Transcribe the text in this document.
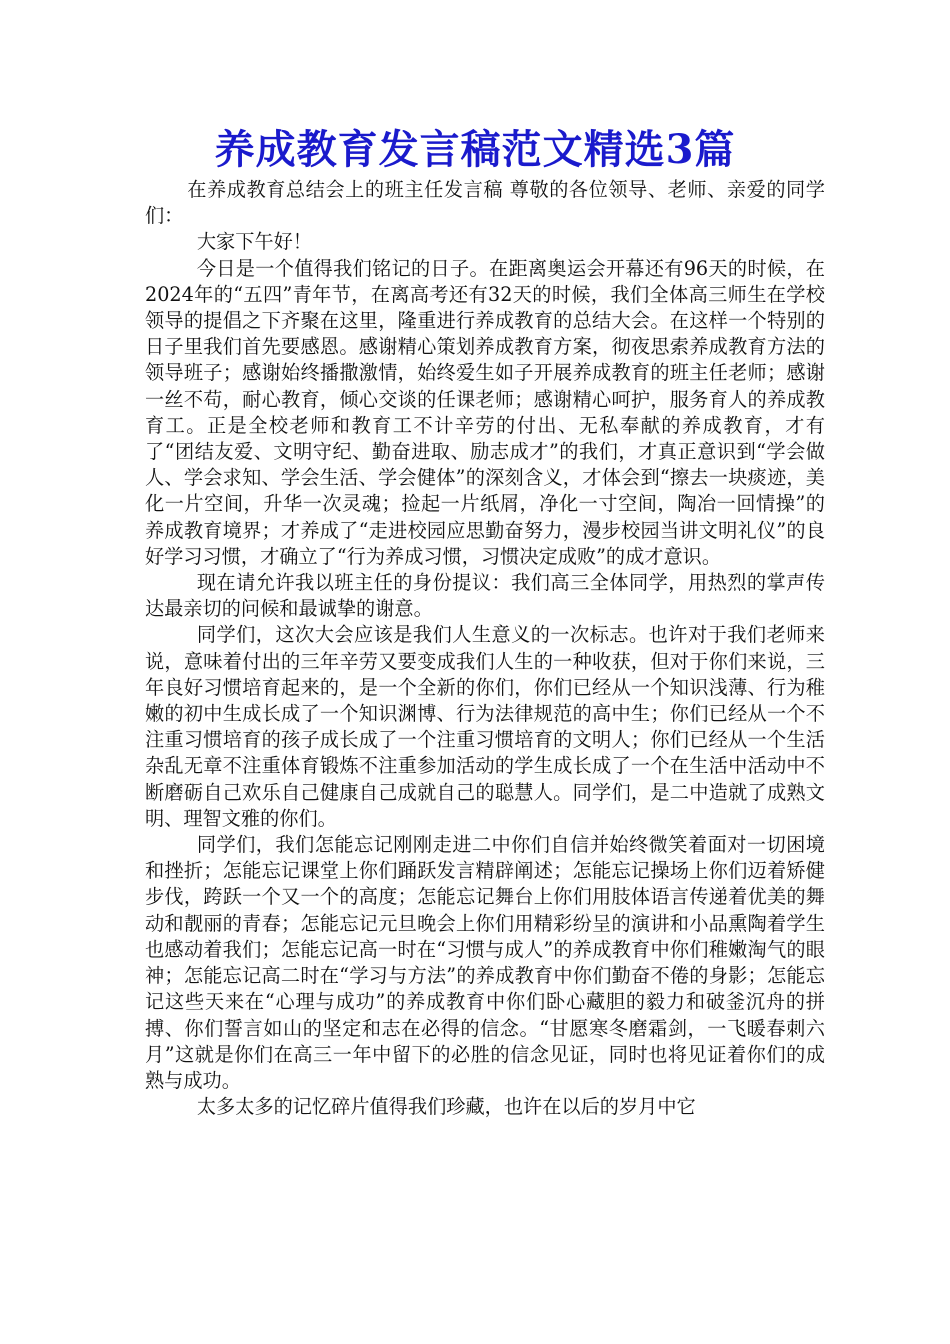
养成教育发言稿范文精选3篇

在养成教育总结会上的班主任发言稿 尊敬的各位领导、老师、亲爱的同学们：

大家下午好！

今日是一个值得我们铭记的日子。在距离奥运会开幕还有96天的时候，在2024年的“五四”青年节，在离高考还有32天的时候，我们全体高三师生在学校领导的提倡之下齐聚在这里，隆重进行养成教育的总结大会。在这样一个特别的日子里我们首先要感恩。感谢精心策划养成教育方案，彻夜思索养成教育方法的领导班子；感谢始终播撒激情，始终爱生如子开展养成教育的班主任老师；感谢一丝不苟，耐心教育，倾心交谈的任课老师；感谢精心呵护，服务育人的养成教育工。正是全校老师和教育工不计辛劳的付出、无私奉献的养成教育，才有了“团结友爱、文明守纪、勤奋进取、励志成才”的我们，才真正意识到“学会做人、学会求知、学会生活、学会健体”的深刻含义，才体会到“擦去一块痰迹，美化一片空间，升华一次灵魂；捡起一片纸屑，净化一寸空间，陶冶一回情操”的养成教育境界；才养成了“走进校园应思勤奋努力，漫步校园当讲文明礼仪”的良好学习习惯，才确立了“行为养成习惯，习惯决定成败”的成才意识。

现在请允许我以班主任的身份提议：我们高三全体同学，用热烈的掌声传达最亲切的问候和最诚挚的谢意。

同学们，这次大会应该是我们人生意义的一次标志。也许对于我们老师来说，意味着付出的三年辛劳又要变成我们人生的一种收获，但对于你们来说，三年良好习惯培育起来的，是一个全新的你们，你们已经从一个知识浅薄、行为稚嫩的初中生成长成了一个知识渊博、行为法律规范的高中生；你们已经从一个不注重习惯培育的孩子成长成了一个注重习惯培育的文明人；你们已经从一个生活杂乱无章不注重体育锻炼不注重参加活动的学生成长成了一个在生活中活动中不断磨砺自己欢乐自己健康自己成就自己的聪慧人。同学们，是二中造就了成熟文明、理智文雅的你们。

同学们，我们怎能忘记刚刚走进二中你们自信并始终微笑着面对一切困境和挫折；怎能忘记课堂上你们踊跃发言精辟阐述；怎能忘记操场上你们迈着矫健步伐，跨跃一个又一个的高度；怎能忘记舞台上你们用肢体语言传递着优美的舞动和靓丽的青春；怎能忘记元旦晚会上你们用精彩纷呈的演讲和小品熏陶着学生也感动着我们；怎能忘记高一时在“习惯与成人”的养成教育中你们稚嫩淘气的眼神；怎能忘记高二时在“学习与方法”的养成教育中你们勤奋不倦的身影；怎能忘记这些天来在“心理与成功”的养成教育中你们卧心藏胆的毅力和破釜沉舟的拼搏、你们誓言如山的坚定和志在必得的信念。“甘愿寒冬磨霜剑，一飞暖春刺六月”这就是你们在高三一年中留下的必胜的信念见证，同时也将见证着你们的成熟与成功。

太多太多的记忆碎片值得我们珍藏，也许在以后的岁月中它
